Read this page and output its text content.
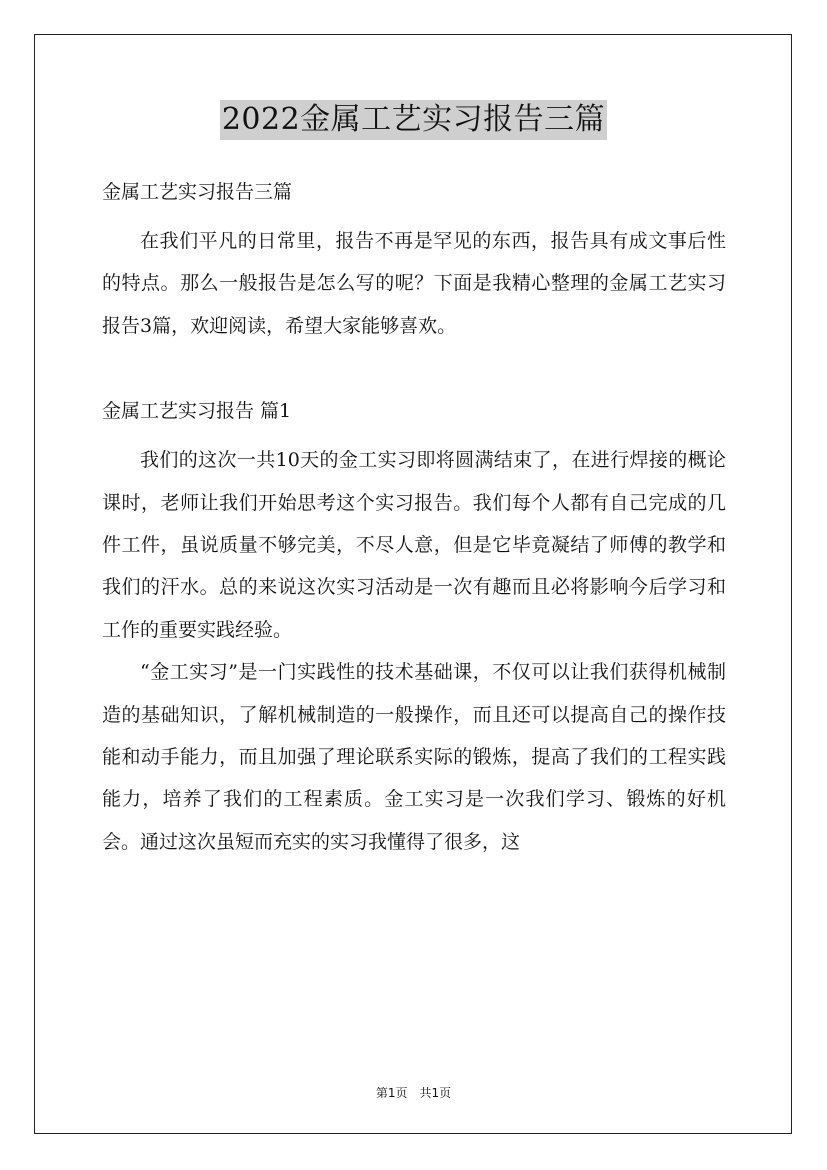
2022金属工艺实习报告三篇

金属工艺实习报告三篇

在我们平凡的日常里，报告不再是罕见的东西，报告具有成文事后性的特点。那么一般报告是怎么写的呢？下面是我精心整理的金属工艺实习报告3篇，欢迎阅读，希望大家能够喜欢。

金属工艺实习报告 篇1

我们的这次一共10天的金工实习即将圆满结束了，在进行焊接的概论课时，老师让我们开始思考这个实习报告。我们每个人都有自己完成的几件工件，虽说质量不够完美，不尽人意，但是它毕竟凝结了师傅的教学和我们的汗水。总的来说这次实习活动是一次有趣而且必将影响今后学习和工作的重要实践经验。

“金工实习”是一门实践性的技术基础课，不仅可以让我们获得机械制造的基础知识，了解机械制造的一般操作，而且还可以提高自己的操作技能和动手能力，而且加强了理论联系实际的锻炼，提高了我们的工程实践能力，培养了我们的工程素质。金工实习是一次我们学习、锻炼的好机会。通过这次虽短而充实的实习我懂得了很多，这

第1页　共1页
